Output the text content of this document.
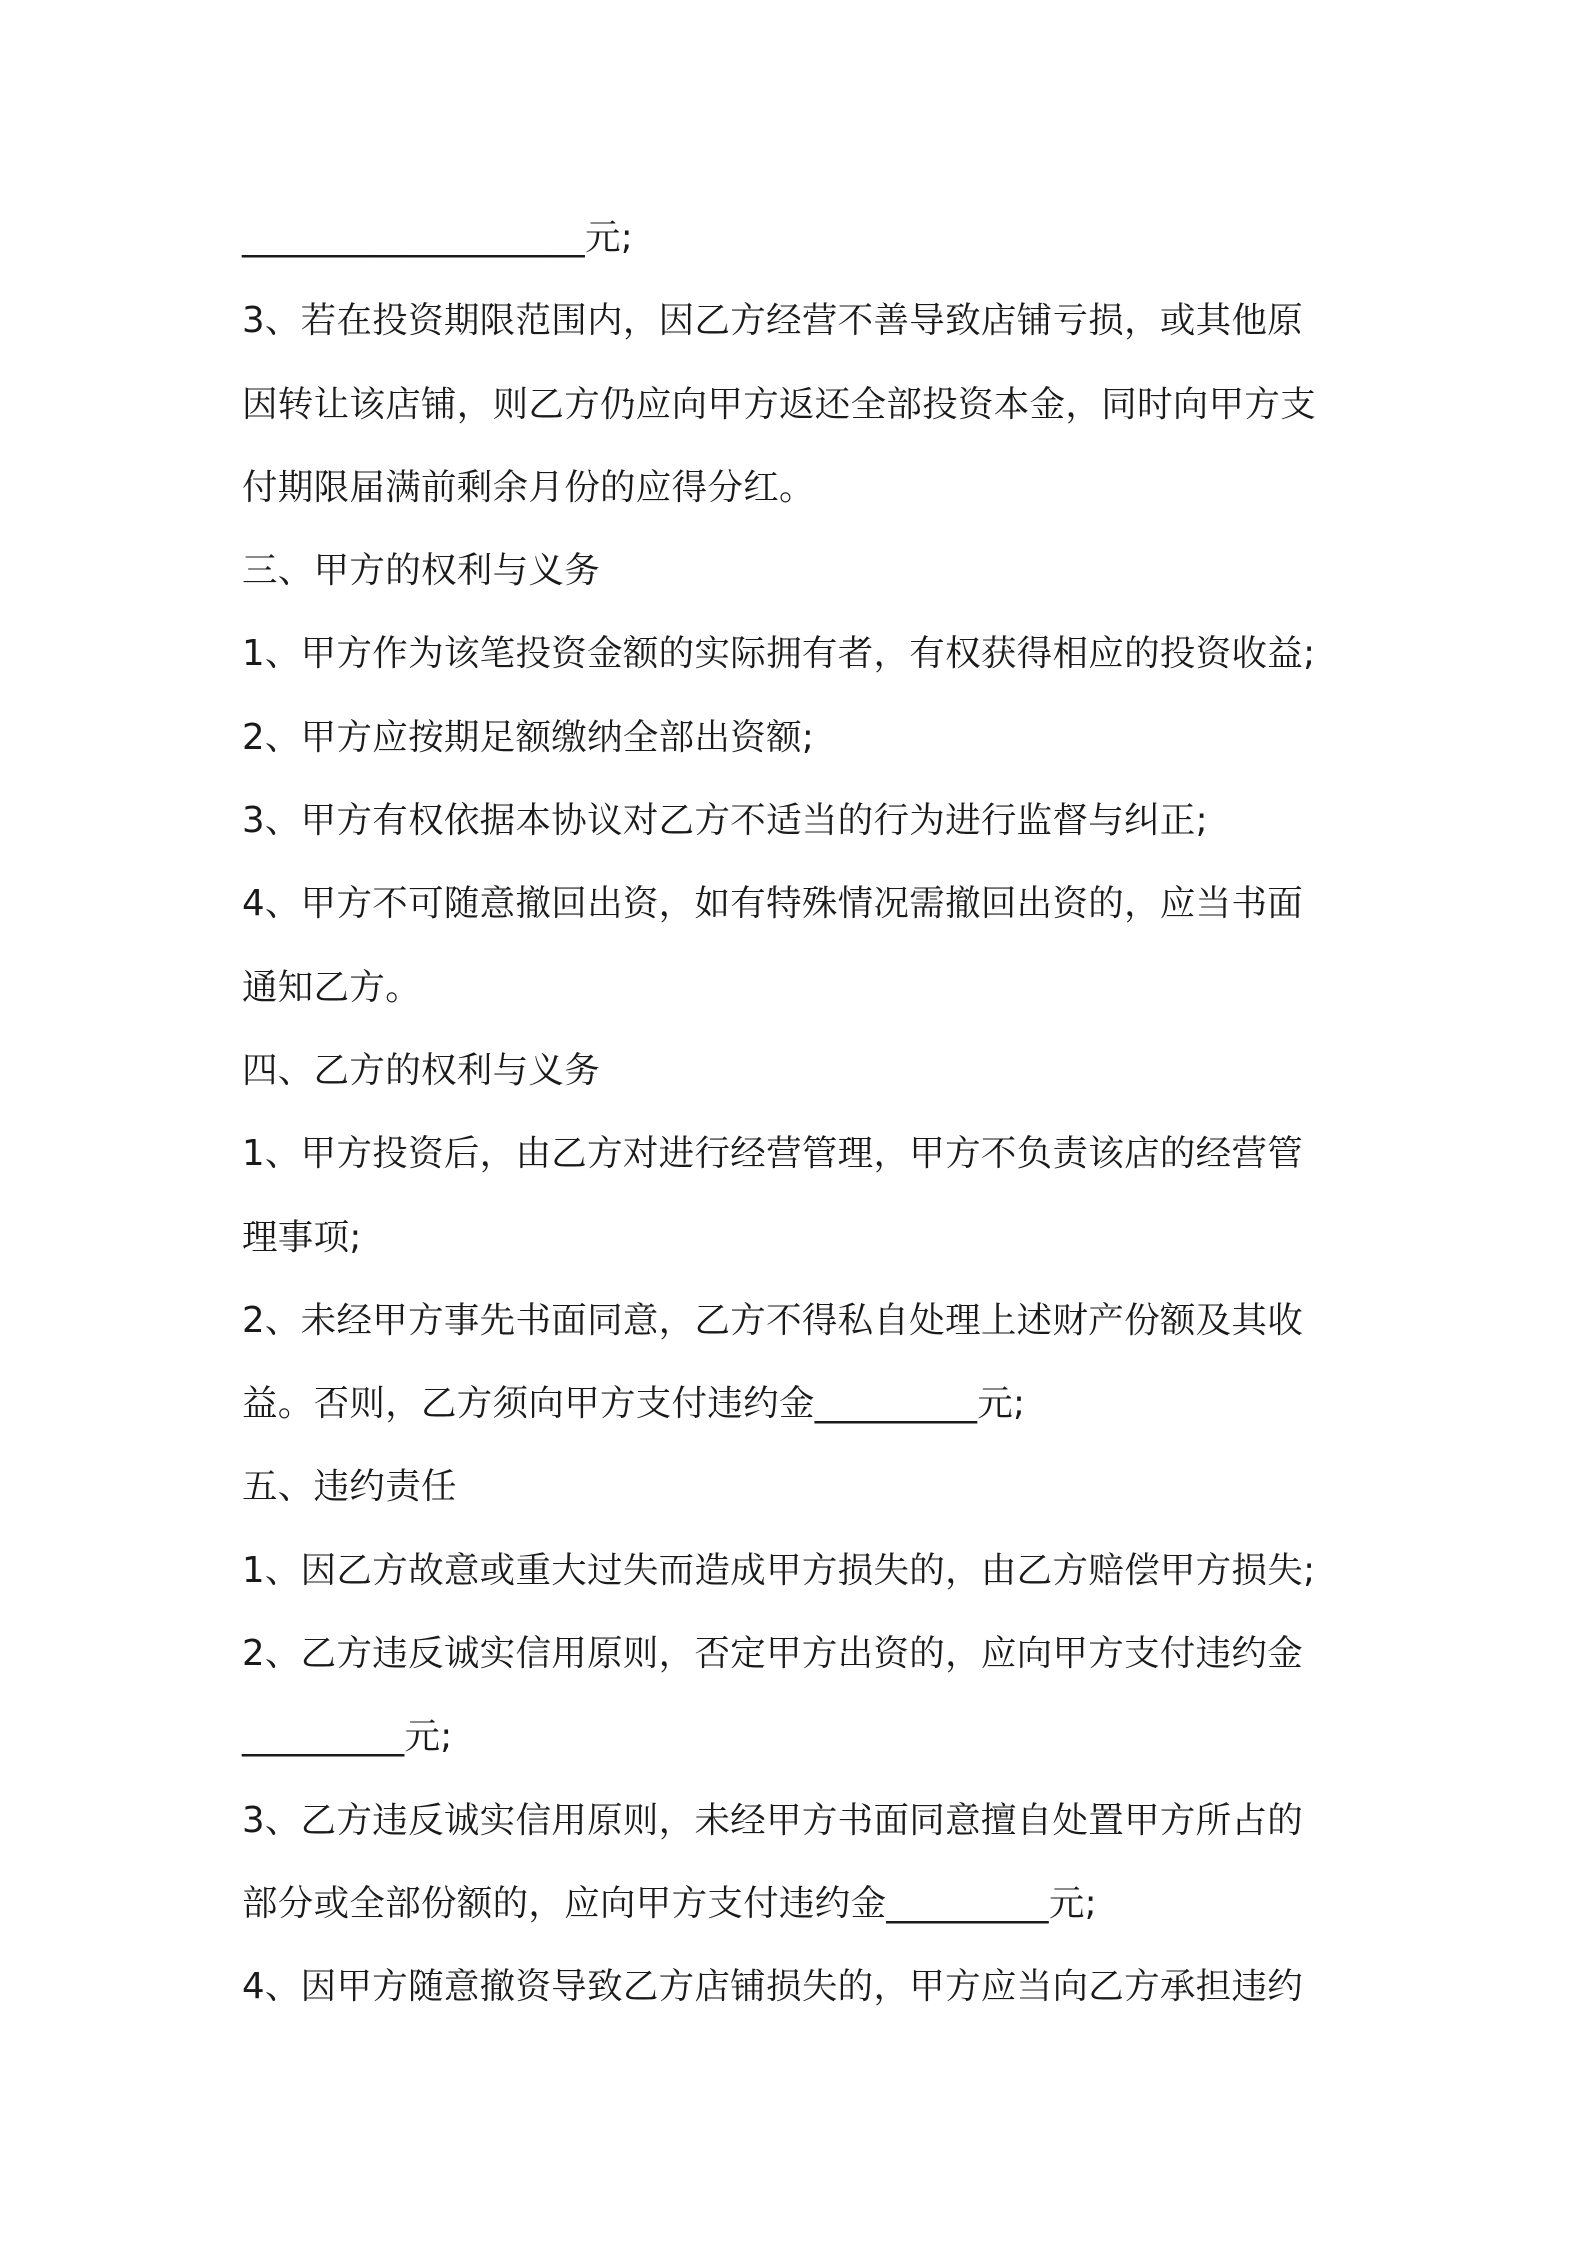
___________________元;
3、若在投资期限范围内，因乙方经营不善导致店铺亏损，或其他原
因转让该店铺，则乙方仍应向甲方返还全部投资本金，同时向甲方支
付期限届满前剩余月份的应得分红。
三、甲方的权利与义务
1、甲方作为该笔投资金额的实际拥有者，有权获得相应的投资收益;
2、甲方应按期足额缴纳全部出资额;
3、甲方有权依据本协议对乙方不适当的行为进行监督与纠正;
4、甲方不可随意撤回出资，如有特殊情况需撤回出资的，应当书面
通知乙方。
四、乙方的权利与义务
1、甲方投资后，由乙方对进行经营管理，甲方不负责该店的经营管
理事项;
2、未经甲方事先书面同意，乙方不得私自处理上述财产份额及其收
益。否则，乙方须向甲方支付违约金_________元;
五、违约责任
1、因乙方故意或重大过失而造成甲方损失的，由乙方赔偿甲方损失;
2、乙方违反诚实信用原则，否定甲方出资的，应向甲方支付违约金
_________元;
3、乙方违反诚实信用原则，未经甲方书面同意擅自处置甲方所占的
部分或全部份额的，应向甲方支付违约金_________元;
4、因甲方随意撤资导致乙方店铺损失的，甲方应当向乙方承担违约
